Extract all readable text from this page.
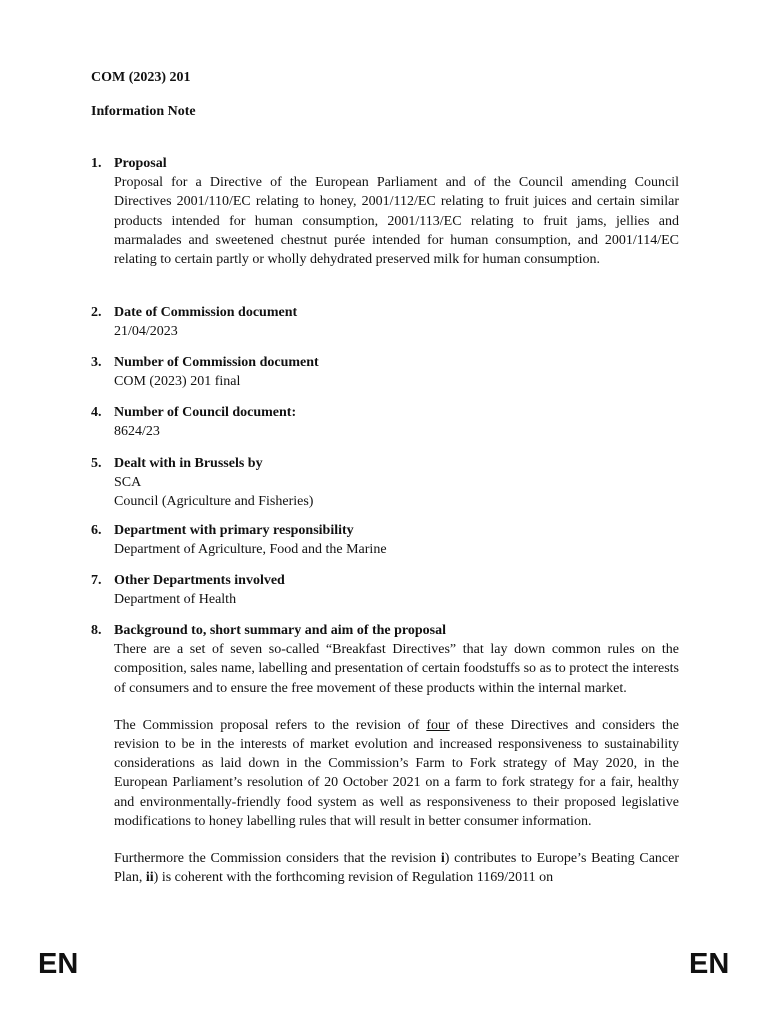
COM (2023) 201
Information Note
1. Proposal

Proposal for a Directive of the European Parliament and of the Council amending Council Directives 2001/110/EC relating to honey, 2001/112/EC relating to fruit juices and certain similar products intended for human consumption, 2001/113/EC relating to fruit jams, jellies and marmalades and sweetened chestnut purée intended for human consumption, and 2001/114/EC relating to certain partly or wholly dehydrated preserved milk for human consumption.

2. Date of Commission document
21/04/2023
3. Number of Commission document
COM (2023) 201 final
4. Number of Council document:
8624/23
5. Dealt with in Brussels by
SCA
Council (Agriculture and Fisheries)
6. Department with primary responsibility
Department of Agriculture, Food and the Marine
7. Other Departments involved
Department of Health
8. Background to, short summary and aim of the proposal

There are a set of seven so-called “Breakfast Directives” that lay down common rules on the composition, sales name, labelling and presentation of certain foodstuffs so as to protect the interests of consumers and to ensure the free movement of these products within the internal market.

The Commission proposal refers to the revision of four of these Directives and considers the revision to be in the interests of market evolution and increased responsiveness to sustainability considerations as laid down in the Commission’s Farm to Fork strategy of May 2020, in the European Parliament’s resolution of 20 October 2021 on a farm to fork strategy for a fair, healthy and environmentally-friendly food system as well as responsiveness to their proposed legislative modifications to honey labelling rules that will result in better consumer information.

Furthermore the Commission considers that the revision i) contributes to Europe’s Beating Cancer Plan, ii) is coherent with the forthcoming revision of Regulation 1169/2011 on

EN	EN
